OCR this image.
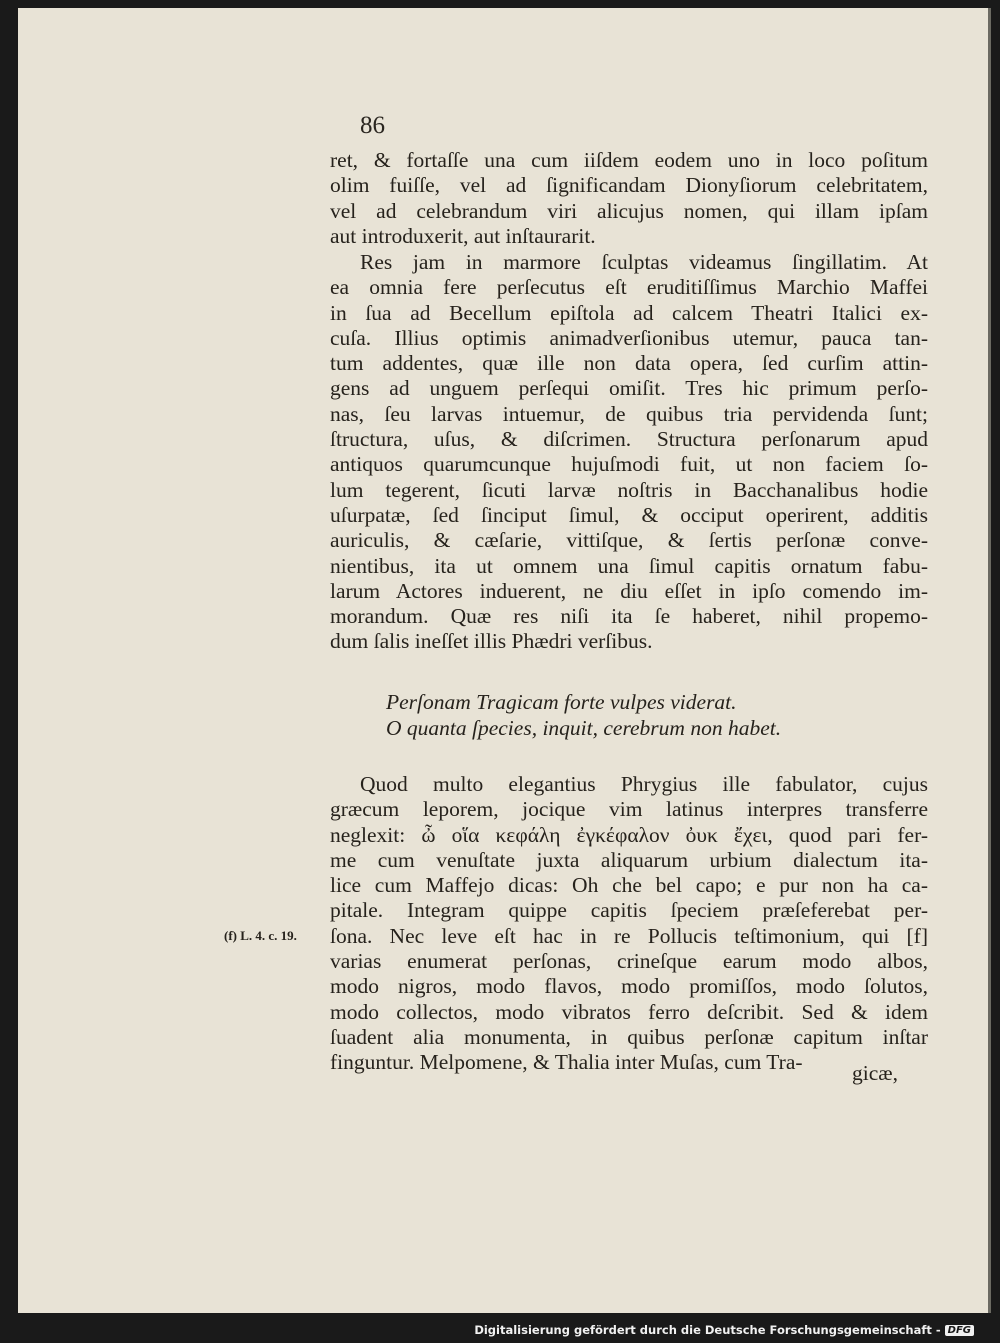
86
ret, & fortaſſe una cum iiſdem eodem uno in loco poſitum
olim fuiſſe, vel ad ſignificandam Dionyſiorum celebritatem,
vel ad celebrandum viri alicujus nomen, qui illam ipſam
aut introduxerit, aut inſtaurarit.
Res jam in marmore ſculptas videamus ſingillatim. At
ea omnia fere perſecutus eſt eruditiſſimus Marchio Maffei
in ſua ad Becellum epiſtola ad calcem Theatri Italici ex-
cuſa. Illius optimis animadverſionibus utemur, pauca tan-
tum addentes, quæ ille non data opera, ſed curſim attin-
gens ad unguem perſequi omiſit. Tres hic primum perſo-
nas, ſeu larvas intuemur, de quibus tria pervidenda ſunt;
ſtructura, uſus, & diſcrimen. Structura perſonarum apud
antiquos quarumcunque hujuſmodi fuit, ut non faciem ſo-
lum tegerent, ſicuti larvæ noſtris in Bacchanalibus hodie
uſurpatæ, ſed ſinciput ſimul, & occiput operirent, additis
auriculis, & cæſarie, vittiſque, & ſertis perſonæ conve-
nientibus, ita ut omnem una ſimul capitis ornatum fabu-
larum Actores induerent, ne diu eſſet in ipſo comendo im-
morandum. Quæ res niſi ita ſe haberet, nihil propemo-
dum ſalis ineſſet illis Phædri verſibus.
Perſonam Tragicam forte vulpes viderat.
O quanta ſpecies, inquit, cerebrum non habet.
Quod multo elegantius Phrygius ille fabulator, cujus
græcum leporem, jocique vim latinus interpres transferre
neglexit: ὦ οἵα κεφάλη ἐγκέφαλον ὀυκ ἔχει, quod pari fer-
me cum venuſtate juxta aliquarum urbium dialectum ita-
lice cum Maffejo dicas: Oh che bel capo; e pur non ha ca-
pitale. Integram quippe capitis ſpeciem præſeferebat per-
ſona. Nec leve eſt hac in re Pollucis teſtimonium, qui [f]
varias enumerat perſonas, crineſque earum modo albos,
modo nigros, modo flavos, modo promiſſos, modo ſolutos,
modo collectos, modo vibratos ferro deſcribit. Sed & idem
ſuadent alia monumenta, in quibus perſonæ capitum inſtar
finguntur. Melpomene, & Thalia inter Muſas, cum Tra-
(f) L. 4. c. 19.
gicæ,
Digitalisierung gefördert durch die Deutsche Forschungsgemeinschaft - DFG
